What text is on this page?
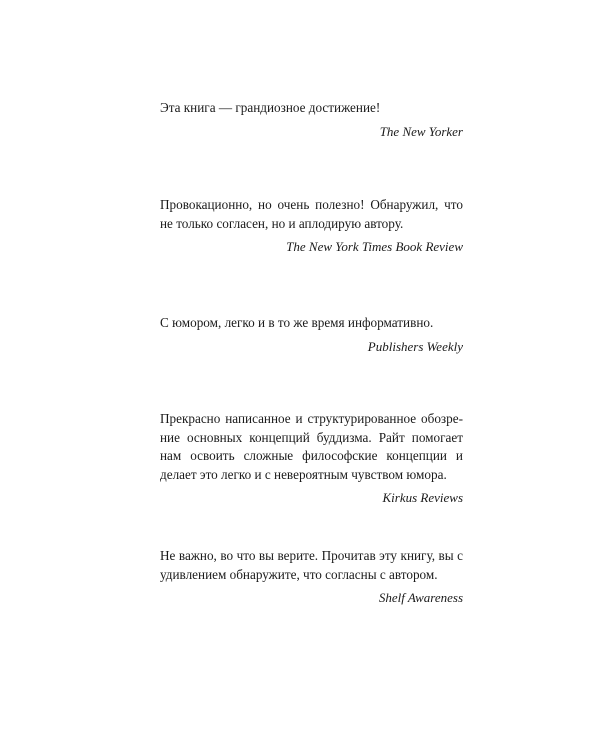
Эта книга — грандиозное достижение!

The New Yorker

Провокационно, но очень полезно! Обнаружил, что не только согласен, но и аплодирую автору.

The New York Times Book Review

С юмором, легко и в то же время информативно.

Publishers Weekly

Прекрасно написанное и структурированное обозрение основных концепций буддизма. Райт помогает нам освоить сложные философские концепции и делает это легко и с невероятным чувством юмора.

Kirkus Reviews

Не важно, во что вы верите. Прочитав эту книгу, вы с удивлением обнаружите, что согласны с автором.

Shelf Awareness
